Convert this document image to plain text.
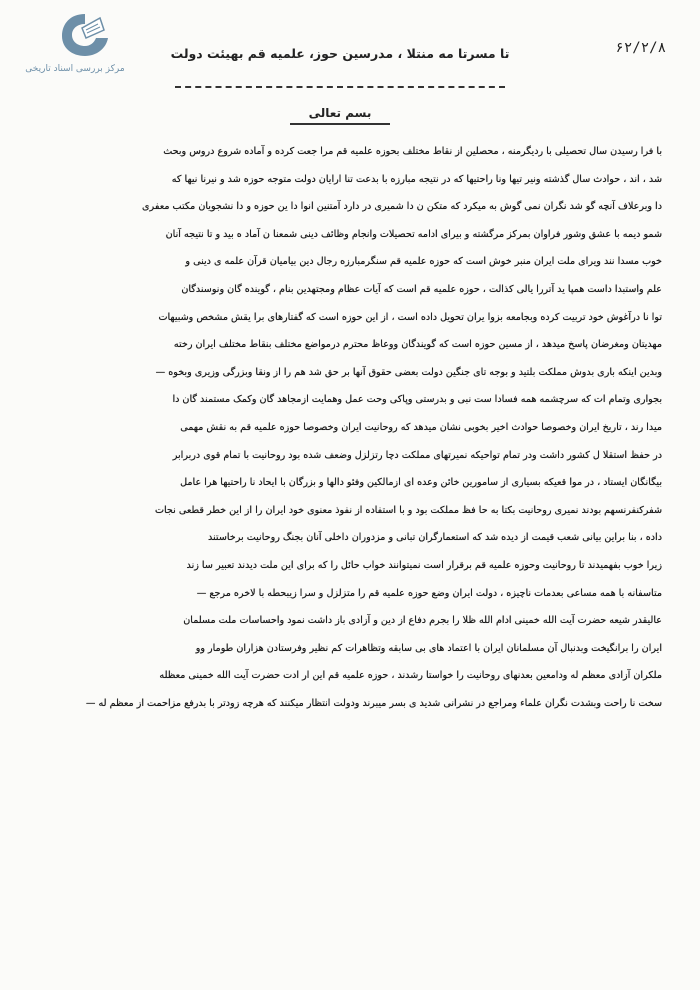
مرکز بررسی اسناد تاریخی
۶۲/۲/۸
تا مسرتا مه منتلا ، مدرسین حوز، علمیه قم بهیئت دولت
بسم تعالی
با فرا رسیدن سال تحصیلی با ردیگرمنه ، محصلین از نقاط مختلف بحوزه علمیه قم مرا جعت کرده و آماده شروع دروس وبحث
شد ، اند ، حوادث سال گذشته ونیر تیها ونا راحتیها که در نتیجه مبارزه با بدعت تنا ارایان دولت متوجه حوزه شد و نیرنا نیها که
دا وبرعلاف آنچه گو شد نگران نمی گوش به میکرد که متکن ن دا شمیری در دارد آمتنین انوا دا ین حوزه و دا نشجویان مکتب معفری
شمو دیمه با عشق وشور فراوان بمرکز مرگشته و بیرای ادامه تحصیلات وانجام وظائف دینی شمعنا ن آماد ه بید و تا نتیجه آنان
خوب مسدا نند ویرای ملت ایران منبر خوش است که حوزه علمیه قم سنگرمبارزه رجال دین بیامیان قرآن علمه ی دینی و
علم واستبدا داست همپا ید آتررا یالی کذالت ، حوزه علمیه قم است که آیات عظام ومجتهدین بنام ، گوینده گان ونوسندگان
توا نا درآغوش خود تربیت کرده وبجامعه بزوا یران تحویل داده است ، از این حوزه است که گفتارهای برا یقش مشخص وشبیهات
مهدیتان ومغرضان پاسخ میدهد ، از مسین حوزه است که گویندگان ووعاظ محترم درمواضع مختلف بنقاط مختلف ایران رخته
وبدین اینکه باری بدوش مملکت بلتید و بوجه تای جنگین دولت بعضی حقوق آنها بر حق شد هم را از ونقا وبزرگی وزیری وبخوه —
بجواری وتمام ات که سرچشمه همه فسادا ست نبی و بدرستی وپاکی وحت عمل وهمایت ازمجاهد گان وکمک مستمند گان دا
میدا رند ، تاریخ ایران وخصوصا حوادث اخیر بخوبی نشان میدهد که روحانیت ایران وخصوصا حوزه علمیه قم به نقش مهمی
در حفظ استقلا ل کشور داشت ودر تمام تواحیکه نمیرتهای مملکت دچا رتزلزل وضعف شده بود روحانیت با تمام قوی دربرابر
بیگانگان ایستاد ، در موا قعیکه بسیاری از سامورین خائن وعده ای ازمالکین وفئو دالها و بزرگان با ایحاد نا راحتیها هرا عامل
شفرکنفرنسهم بودند نمیری روحانیت بکتا به حا فظ مملکت بود و با استفاده از نفوذ معنوی خود ایران را از این خطر قطعی نجات
داده ، بنا براین بیانی شعب قیمت از دیده شد که استعمارگران تبانی و مزدوران داخلی آنان بجنگ روحانیت برخاستند
زیرا خوب بفهمیدند تا روحانیت وحوزه علمیه قم برقرار است نمیتوانند خواب حائل را که برای این ملت دیدند تعبیر سا زند
متاسفانه با همه مساعی بعدمات ناچیزه ، دولت ایران وضع حوزه علمیه قم را متزلزل و سرا زیبحطه با لاخره مرجع —
عالیقدر شیعه حضرت آیت الله خمینی ادام الله ظلا را بجرم دفاع از دین و آزادی باز داشت نمود واحساسات ملت مسلمان
ایران را برانگیخت وبدنبال آن مسلمانان ایران با اعتماد های بی سابقه وتظاهرات کم نظیر وفرستادن هزاران طومار وو
ملکران آزادی معظم له ودامعین بعدنهای روحانیت را خواستا رشدند ، حوزه علمیه قم این ار ادت حضرت آیت الله خمینی معظله
سخت نا راحت وبشدت نگران علماء ومراجع در نشرانی شدید ی بسر میبرند ودولت انتظار میکنند که هرچه زودتر با بدرفع مزاحمت از معظم له —
